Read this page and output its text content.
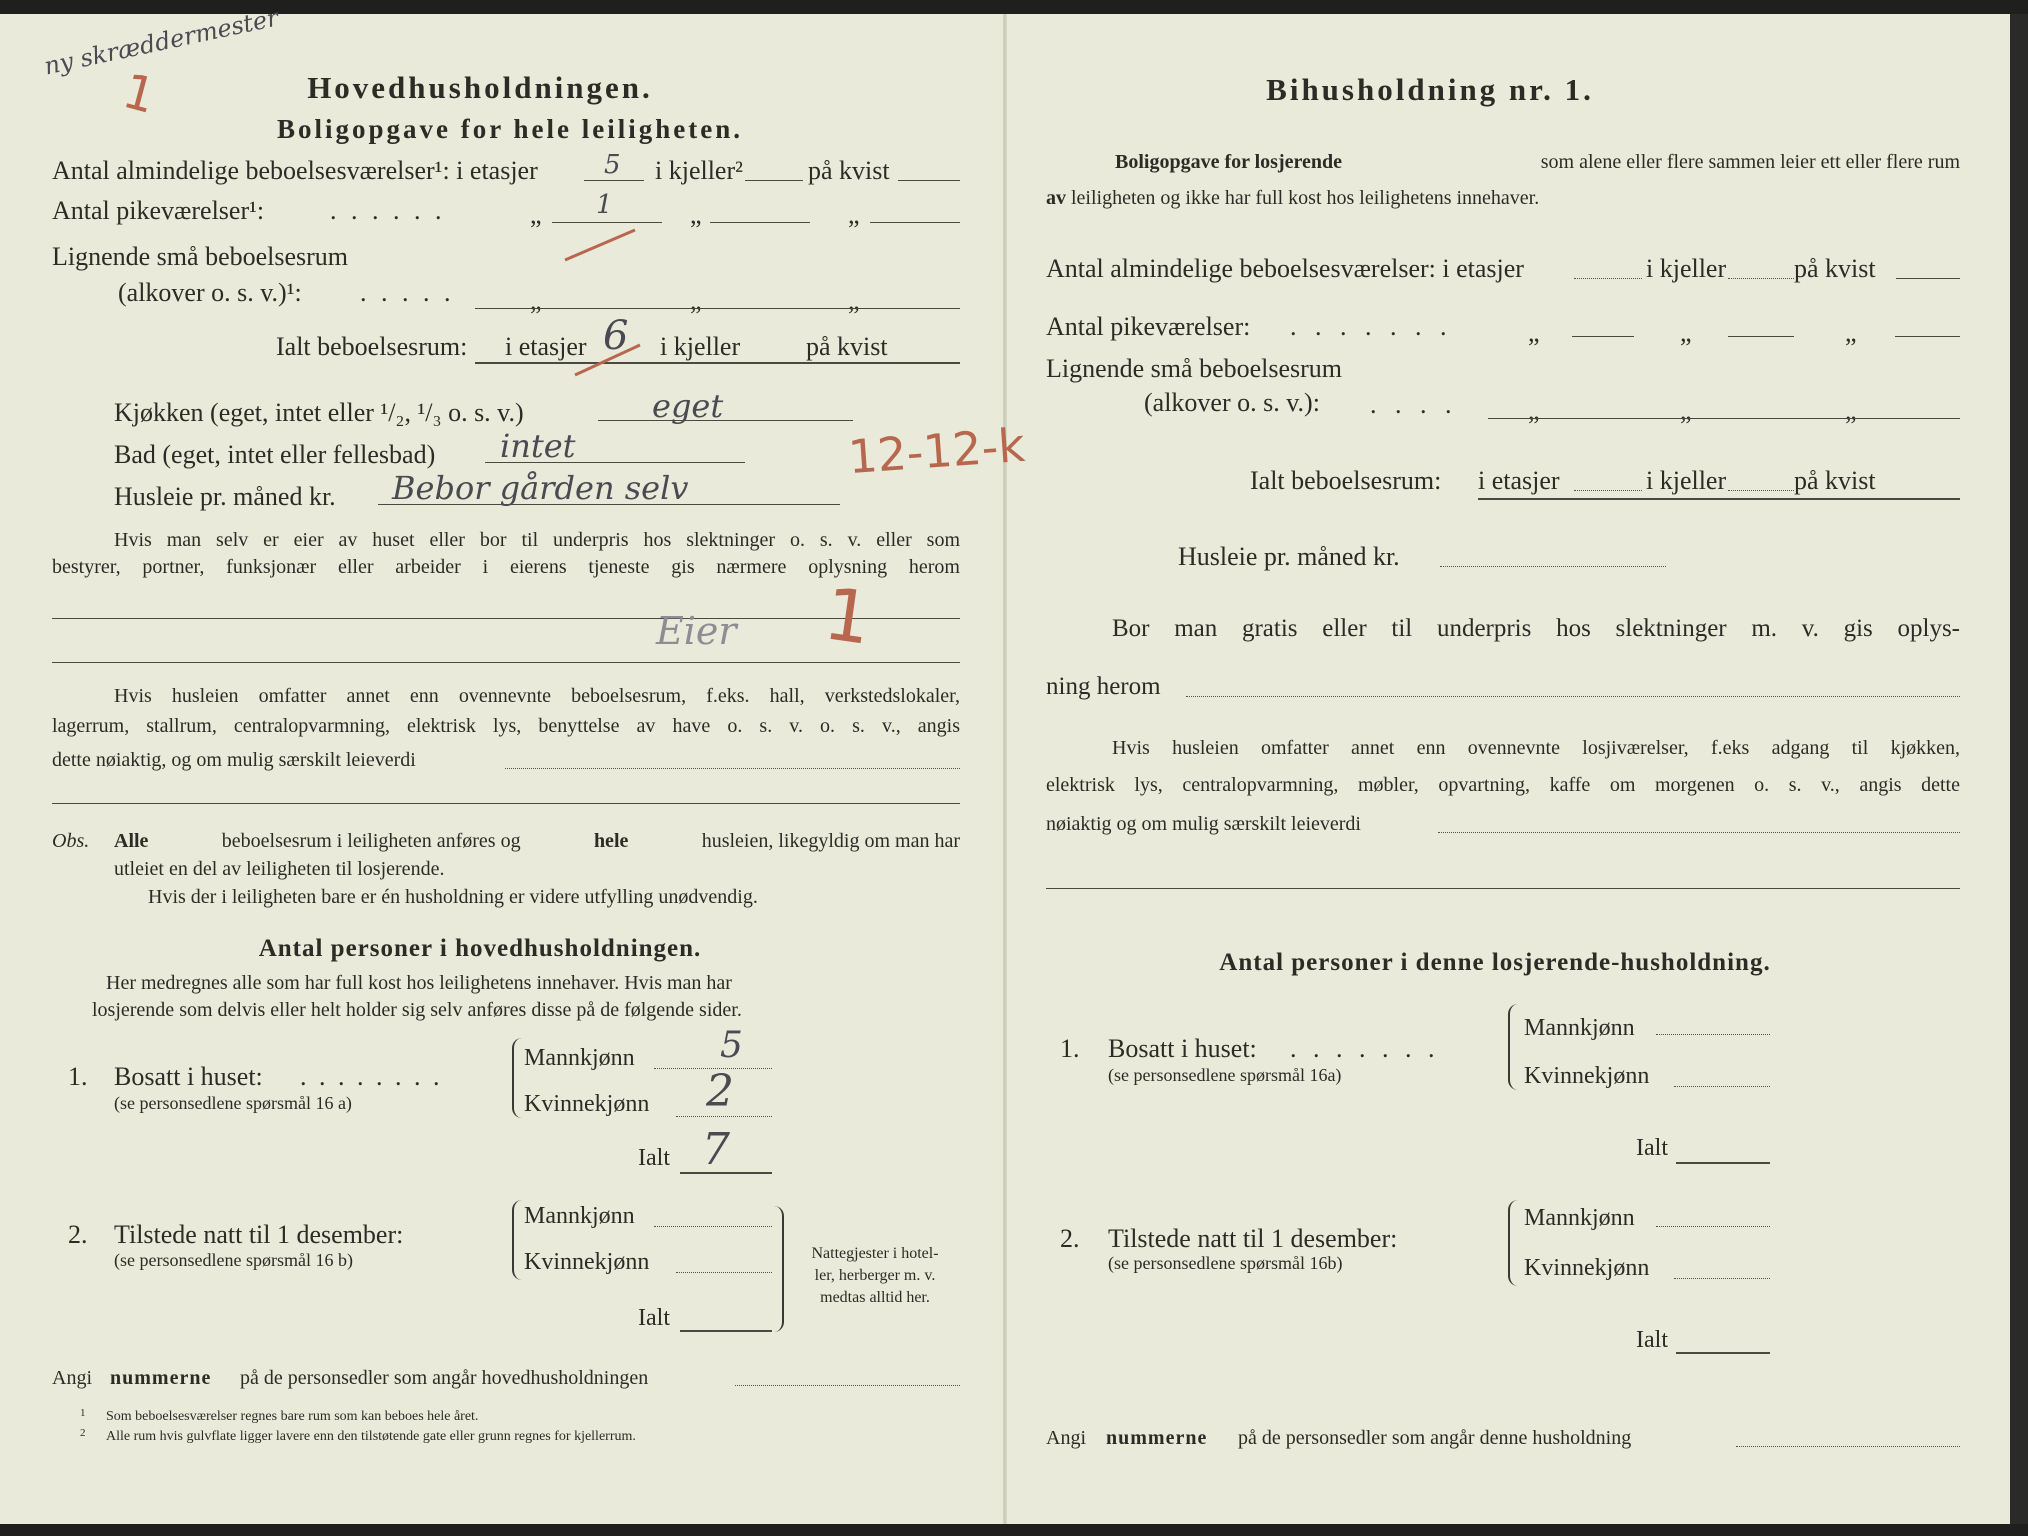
ny skræddermester
1	Hovedhusholdningen.
Boligopgave for hele leiligheten.
Antal almindelige beboelsesværelser¹: i etasjer	5 i kjeller²	på kvist
Antal pikeværelser¹:	. . . . . .	„ 1	„	„
Lignende små beboelsesrum
(alkover o. s. v.)¹: . . . . .	„	„	„
Ialt beboelsesrum: i etasjer 6 i kjeller	på kvist
Kjøkken (eget, intet eller ¹/₂, ¹/₃ o. s. v.)	eget
Bad (eget, intet eller fellesbad) intet	12-12-k
Husleie pr. måned kr. Bebor gården selv
Hvis man selv er eier av huset eller bor til underpris hos slektninger o. s. v. eller som
bestyrer, portner, funksjonær eller arbeider i eierens tjeneste gis nærmere oplysning herom
Eier 1
Hvis husleien omfatter annet enn ovennevnte beboelsesrum, f.eks. hall, verkstedslokaler,
lagerrum, stallrum, centralopvarmning, elektrisk lys, benyttelse av have o. s. v. o. s. v., angis
dette nøiaktig, og om mulig særskilt leieverdi
Obs. Alle	beboelsesrum i leiligheten anføres og	hele	husleien, likegyldig om man har
utleiet en del av leiligheten til losjerende.
Hvis der i leiligheten bare er én husholdning er videre utfylling unødvendig.
Antal personer i hovedhusholdningen.
Her medregnes alle som har full kost hos leilighetens innehaver. Hvis man har
losjerende som delvis eller helt holder sig selv anføres disse på de følgende sider.
1. Bosatt i huset: . . . . . . . .
(se personsedlene spørsmål 16 a)
Mannkjønn 5
Kvinnekjønn 2
Ialt 7
2. Tilstede natt til 1 desember:
(se personsedlene spørsmål 16 b)
Mannkjønn
Kvinnekjønn
Ialt
Nattegjester i hotel-
ler, herberger m. v.
medtas alltid her.
Angi nummerne på de personsedler som angår hovedhusholdningen
1 Som beboelsesværelser regnes bare rum som kan beboes hele året.
2 Alle rum hvis gulvflate ligger lavere enn den tilstøtende gate eller grunn regnes for kjellerrum.
Bihusholdning nr. 1.
Boligopgave for losjerende	som alene eller flere sammen leier ett eller flere rum
av leiligheten og ikke har full kost hos leilighetens innehaver.
Antal almindelige beboelsesværelser: i etasjer	i kjeller	på kvist
Antal pikeværelser: . . . . . . .	„	„	„
Lignende små beboelsesrum
(alkover o. s. v.): . . . .	„	„	„
Ialt beboelsesrum: i etasjer	i kjeller	på kvist
Husleie pr. måned kr.
Bor man gratis eller til underpris hos slektninger m. v. gis oplys-
ning herom
Hvis husleien omfatter annet enn ovennevnte losjiværelser, f.eks adgang til kjøkken,
elektrisk lys, centralopvarmning, møbler, opvartning, kaffe om morgenen o. s. v., angis dette
nøiaktig og om mulig særskilt leieverdi
Antal personer i denne losjerende-husholdning.
1. Bosatt i huset: . . . . . . .
(se personsedlene spørsmål 16a)
Mannkjønn
Kvinnekjønn
Ialt
2. Tilstede natt til 1 desember:
(se personsedlene spørsmål 16b)
Mannkjønn
Kvinnekjønn
Ialt
Angi nummerne på de personsedler som angår denne husholdning
